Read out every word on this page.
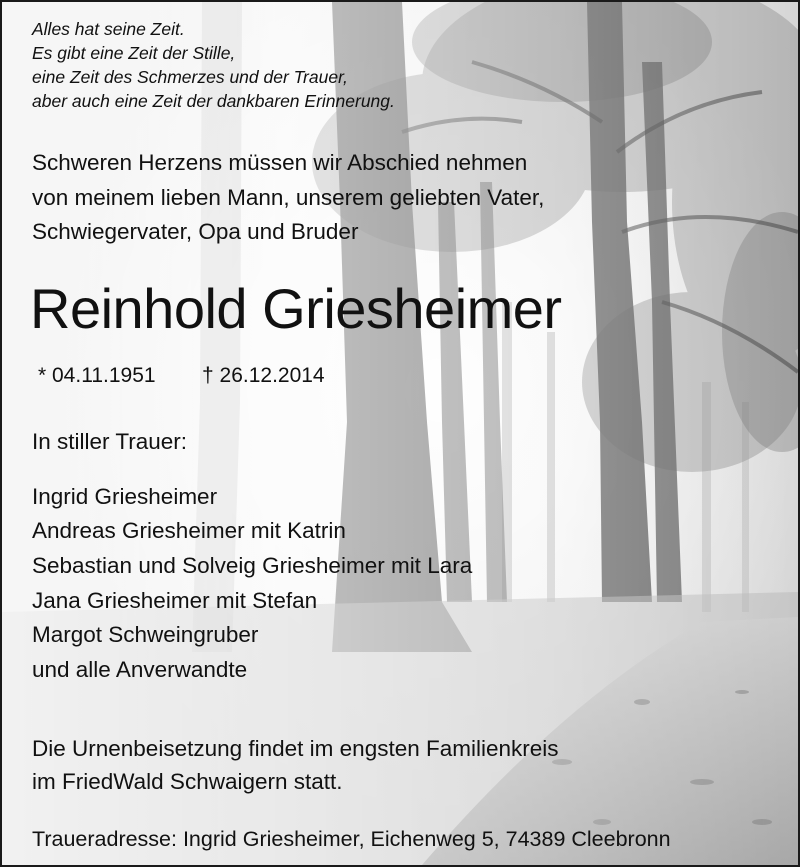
Alles hat seine Zeit.
Es gibt eine Zeit der Stille,
eine Zeit des Schmerzes und der Trauer,
aber auch eine Zeit der dankbaren Erinnerung.
Schweren Herzens müssen wir Abschied nehmen
von meinem lieben Mann, unserem geliebten Vater,
Schwiegervater, Opa und Bruder
Reinhold Griesheimer
* 04.11.1951 † 26.12.2014
In stiller Trauer:
Ingrid Griesheimer
Andreas Griesheimer mit Katrin
Sebastian und Solveig Griesheimer mit Lara
Jana Griesheimer mit Stefan
Margot Schweingruber
und alle Anverwandte
Die Urnenbeisetzung findet im engsten Familienkreis
im FriedWald Schwaigern statt.
Traueradresse: Ingrid Griesheimer, Eichenweg 5, 74389 Cleebronn
